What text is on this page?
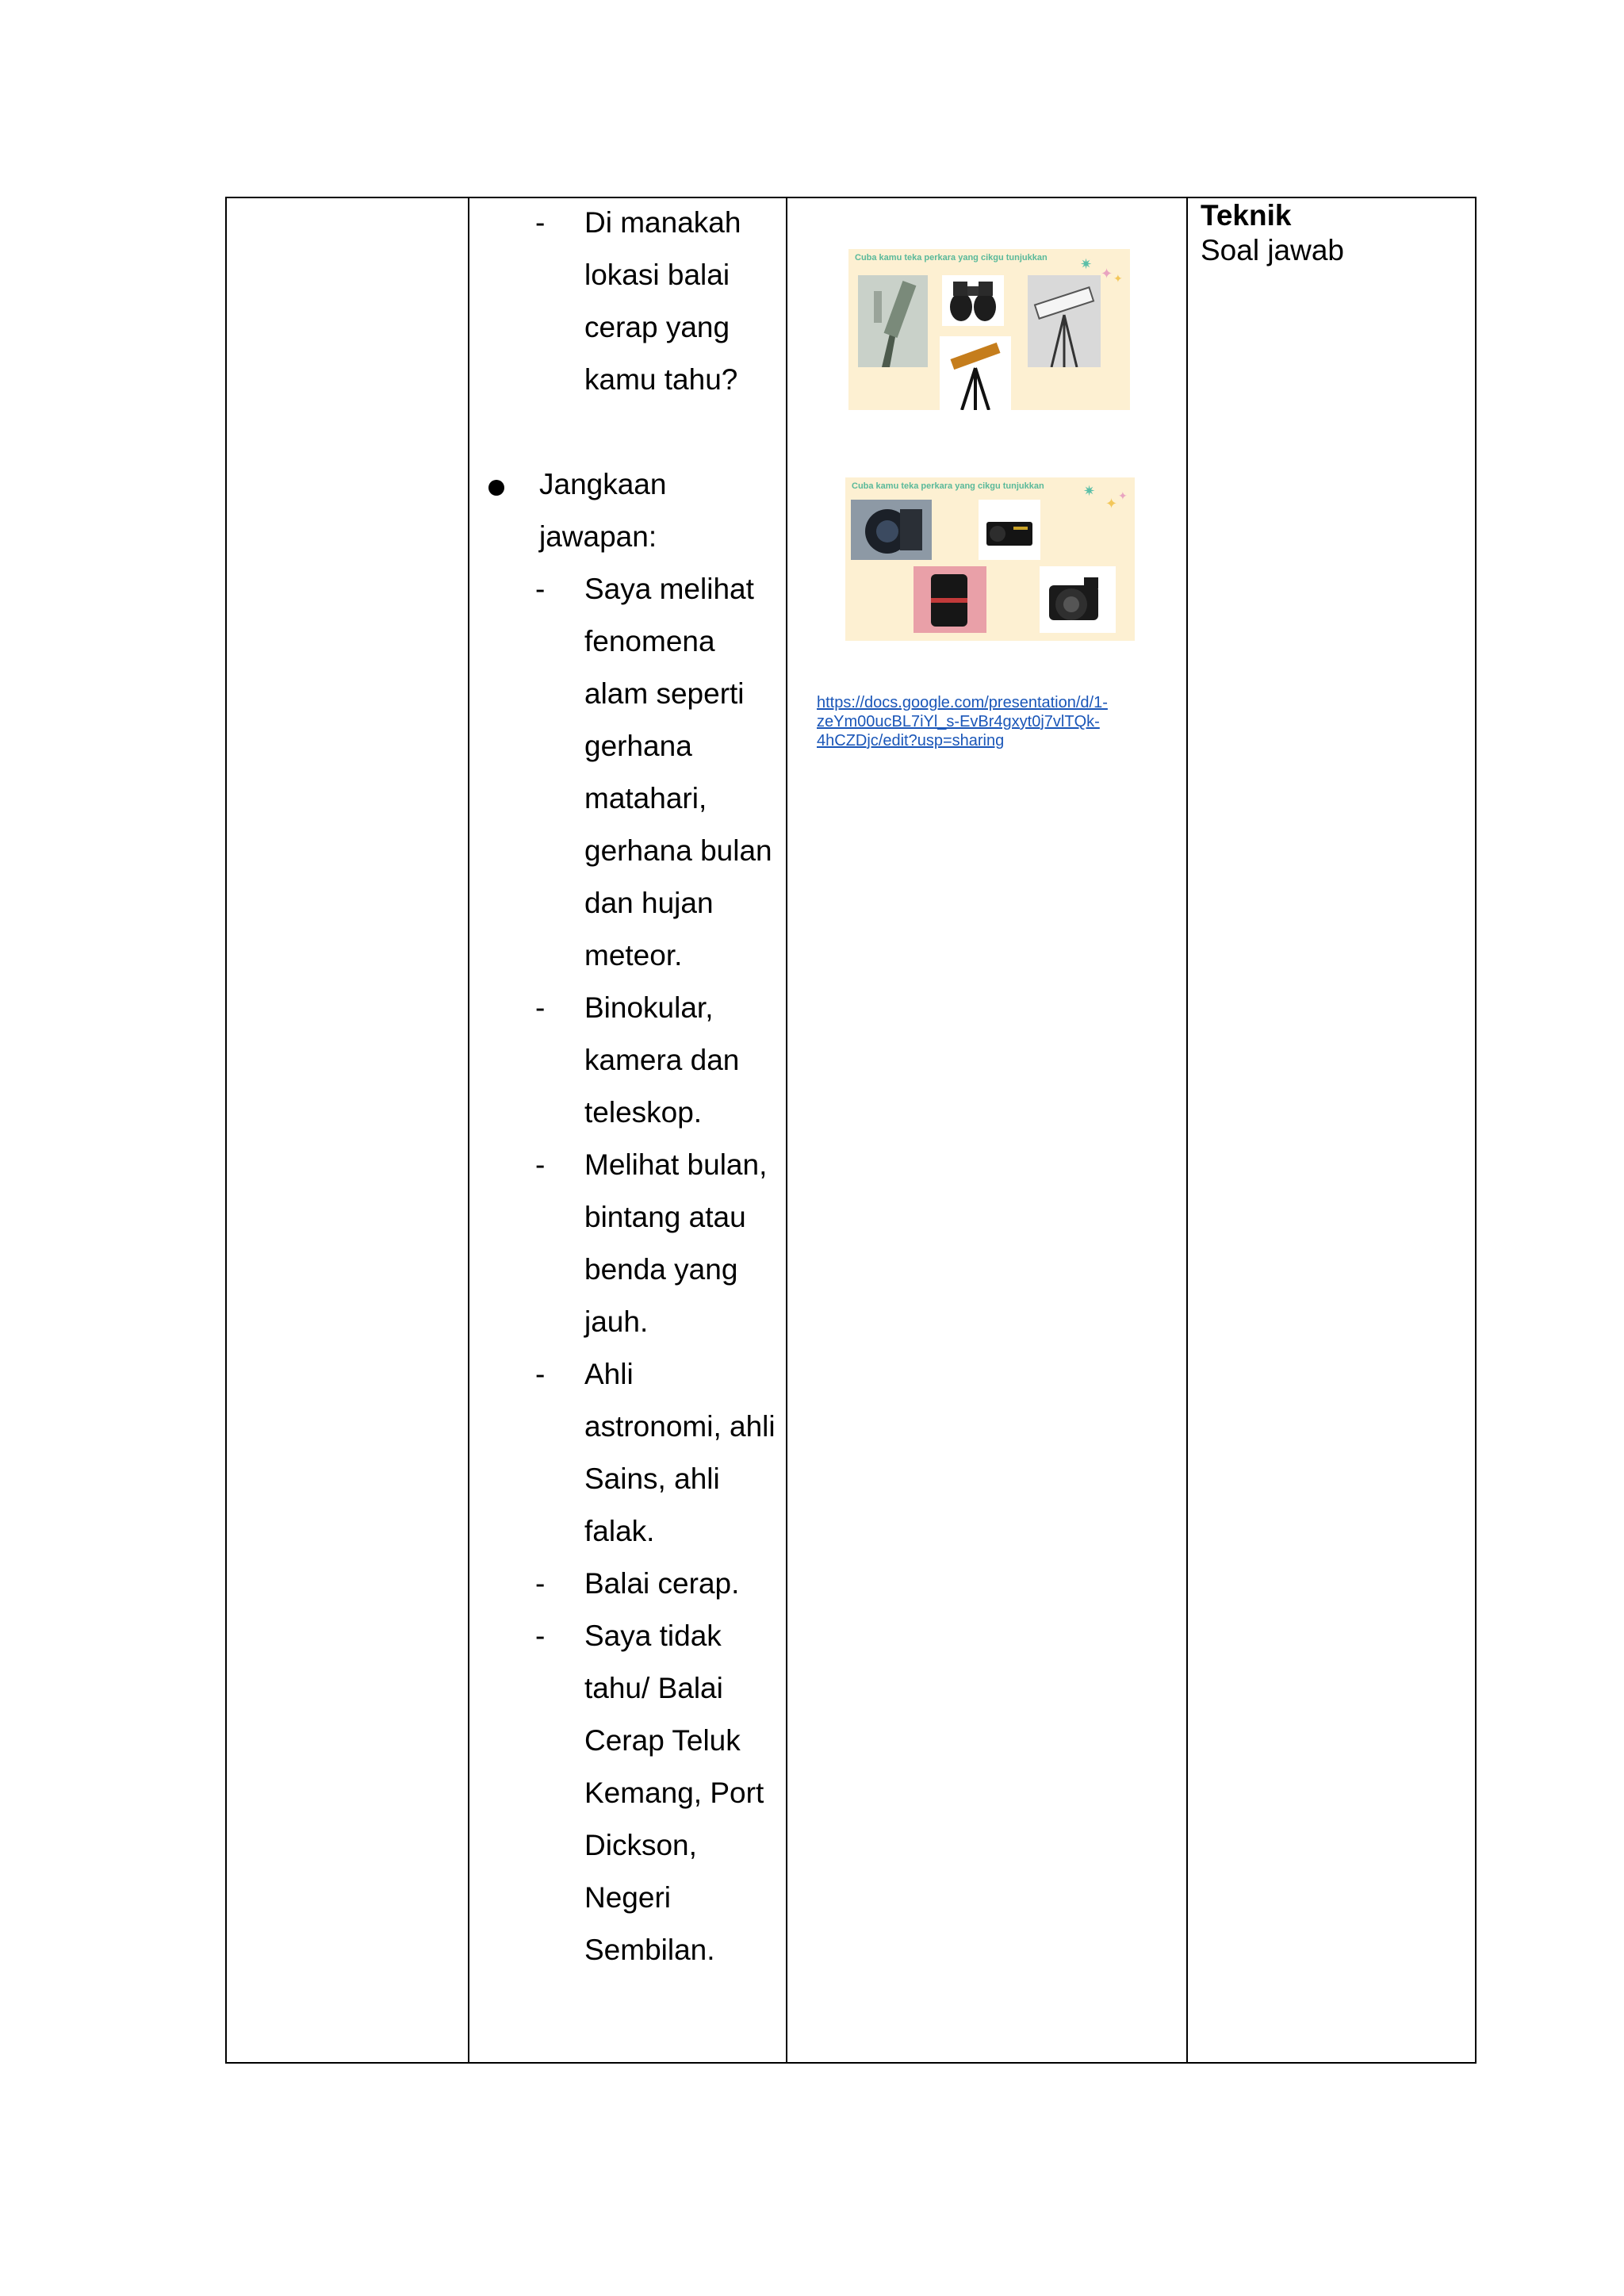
- Di manakah
lokasi balai
cerap yang
kamu tahu?
Jangkaan
jawapan:
- Saya melihat
fenomena
alam seperti
gerhana
matahari,
gerhana bulan
dan hujan
meteor.
- Binokular,
kamera dan
teleskop.
- Melihat bulan,
bintang atau
benda yang
jauh.
- Ahli
astronomi, ahli
Sains, ahli
falak.
- Balai cerap.
- Saya tidak
tahu/ Balai
Cerap Teluk
Kemang, Port
Dickson,
Negeri
Sembilan.
Cuba kamu teka perkara yang cikgu tunjukkan ✷
✦ ✦
Cuba kamu teka perkara yang cikgu tunjukkan	✷
✦ ✦
https://docs.google.com/presentation/d/1-
zeYm00ucBL7iYl_s-EvBr4gxyt0j7vlTQk-
4hCZDjc/edit?usp=sharing
Teknik
Soal jawab
